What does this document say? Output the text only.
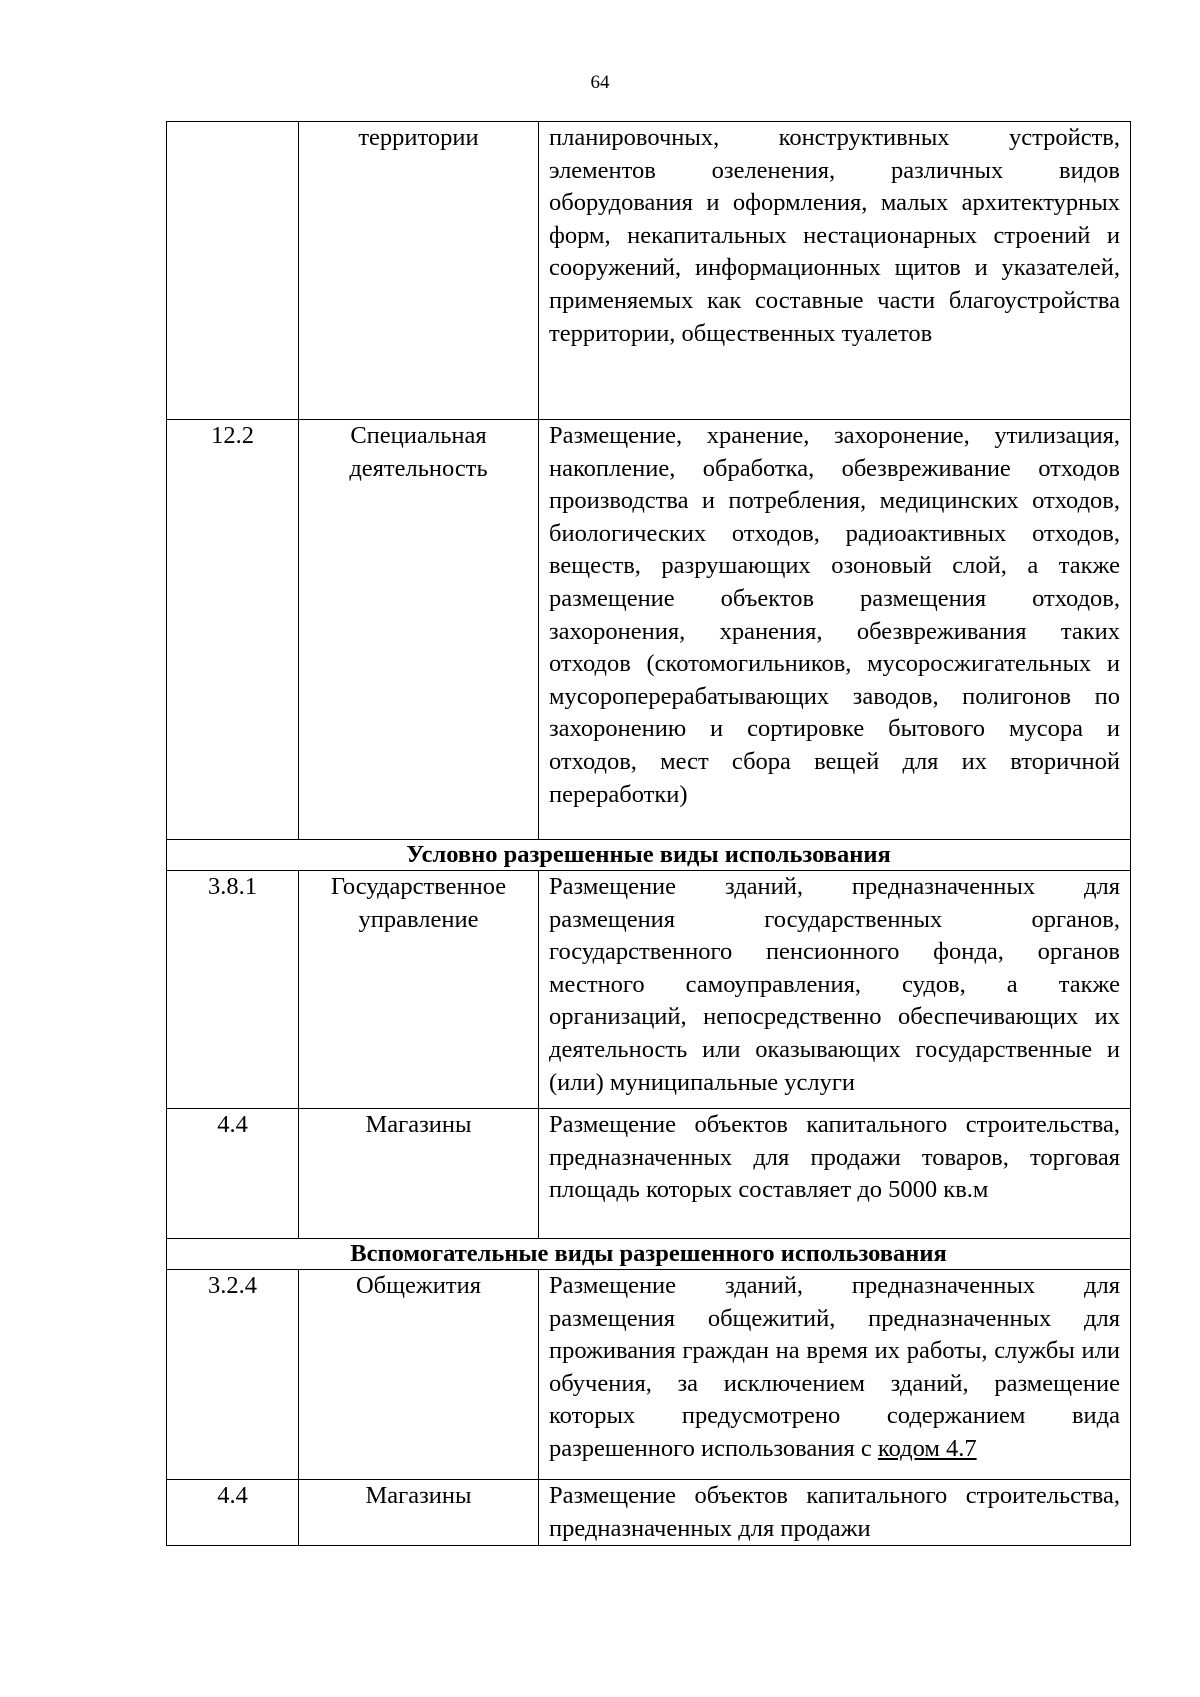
64
	территории	планировочных, конструктивных устройств, элементов озеленения, различных видов оборудования и оформления, малых архитектурных форм, некапитальных нестационарных строений и сооружений, информационных щитов и указателей, применяемых как составные части благоустройства территории, общественных туалетов
12.2	Специальная деятельность	Размещение, хранение, захоронение, утилизация, накопление, обработка, обезвреживание отходов производства и потребления, медицинских отходов, биологических отходов, радиоактивных отходов, веществ, разрушающих озоновый слой, а также размещение объектов размещения отходов, захоронения, хранения, обезвреживания таких отходов (скотомогильников, мусоросжигательных и мусороперерабатывающих заводов, полигонов по захоронению и сортировке бытового мусора и отходов, мест сбора вещей для их вторичной переработки)
Условно разрешенные виды использования		
3.8.1	Государственное управление	Размещение зданий, предназначенных для размещения государственных органов, государственного пенсионного фонда, органов местного самоуправления, судов, а также организаций, непосредственно обеспечивающих их деятельность или оказывающих государственные и (или) муниципальные услуги
4.4	Магазины	Размещение объектов капитального строительства, предназначенных для продажи товаров, торговая площадь которых составляет до 5000 кв.м
Вспомогательные виды разрешенного использования		
3.2.4	Общежития	Размещение зданий, предназначенных для размещения общежитий, предназначенных для проживания граждан на время их работы, службы или обучения, за исключением зданий, размещение которых предусмотрено содержанием вида разрешенного использования с кодом 4.7
4.4	Магазины	Размещение объектов капитального строительства, предназначенных для продажи
